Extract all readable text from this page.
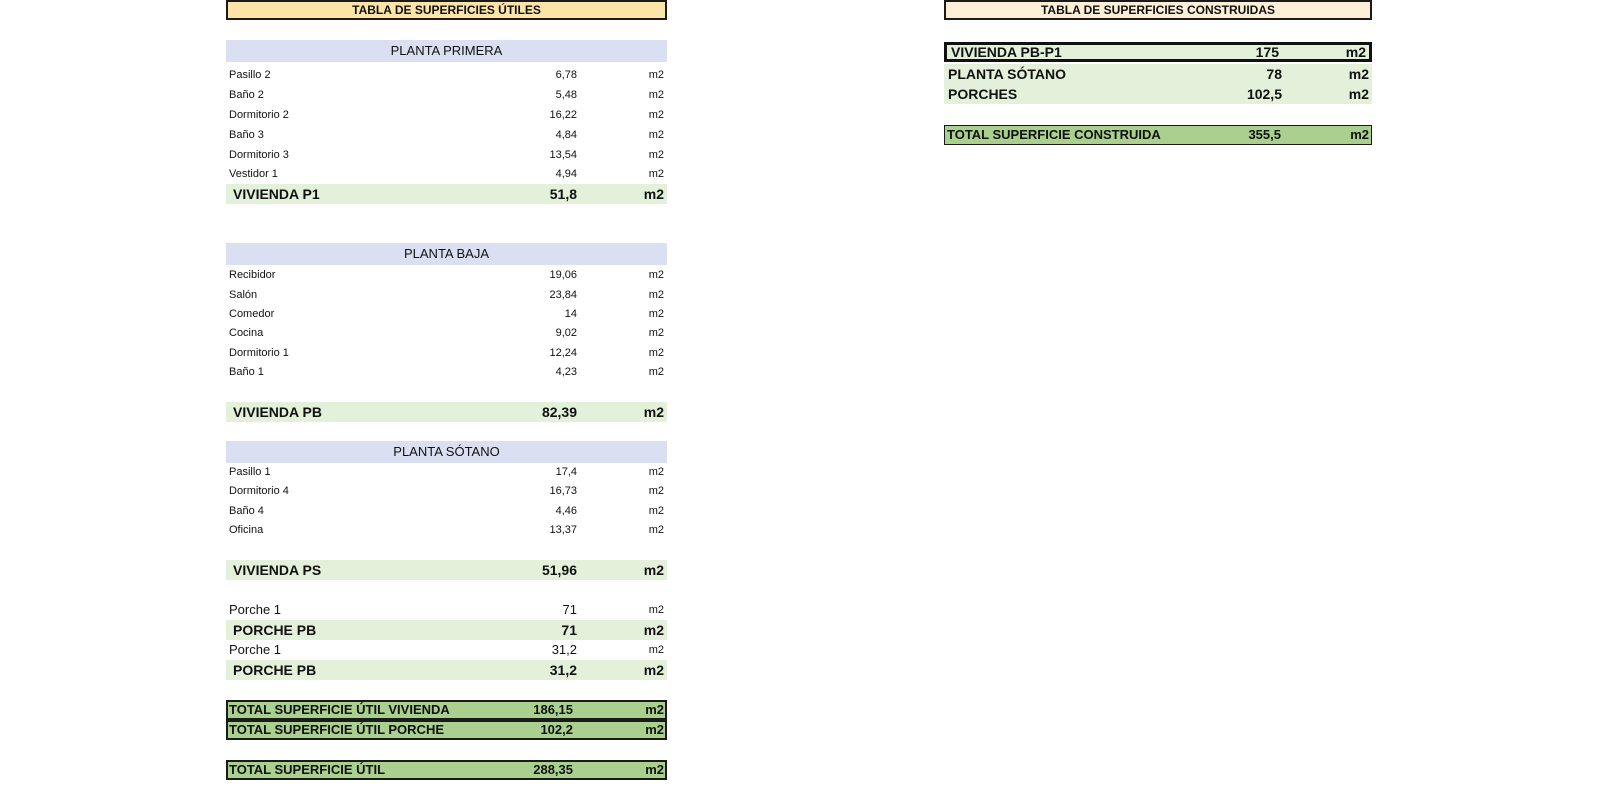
TABLA DE SUPERFICIES ÚTILES
PLANTA PRIMERA
Pasillo 2	6,78	m2
Baño 2	5,48	m2
Dormitorio 2	16,22	m2
Baño 3	4,84	m2
Dormitorio 3	13,54	m2
Vestidor 1	4,94	m2
VIVIENDA P1	51,8	m2
PLANTA BAJA
Recibidor	19,06	m2
Salón	23,84	m2
Comedor	14	m2
Cocina	9,02	m2
Dormitorio 1	12,24	m2
Baño 1	4,23	m2
VIVIENDA PB	82,39	m2
PLANTA SÓTANO
Pasillo 1	17,4	m2
Dormitorio 4	16,73	m2
Baño 4	4,46	m2
Oficina	13,37	m2
VIVIENDA PS	51,96	m2
Porche 1	71	m2
PORCHE PB	71	m2
Porche 1	31,2	m2
PORCHE PB	31,2	m2
TOTAL SUPERFICIE ÚTIL VIVIENDA	186,15	m2
TOTAL SUPERFICIE ÚTIL PORCHE	102,2	m2
TOTAL SUPERFICIE ÚTIL	288,35	m2
TABLA DE SUPERFICIES CONSTRUIDAS
VIVIENDA PB-P1	175	m2
PLANTA SÓTANO	78	m2
PORCHES	102,5	m2
TOTAL SUPERFICIE CONSTRUIDA	355,5	m2
